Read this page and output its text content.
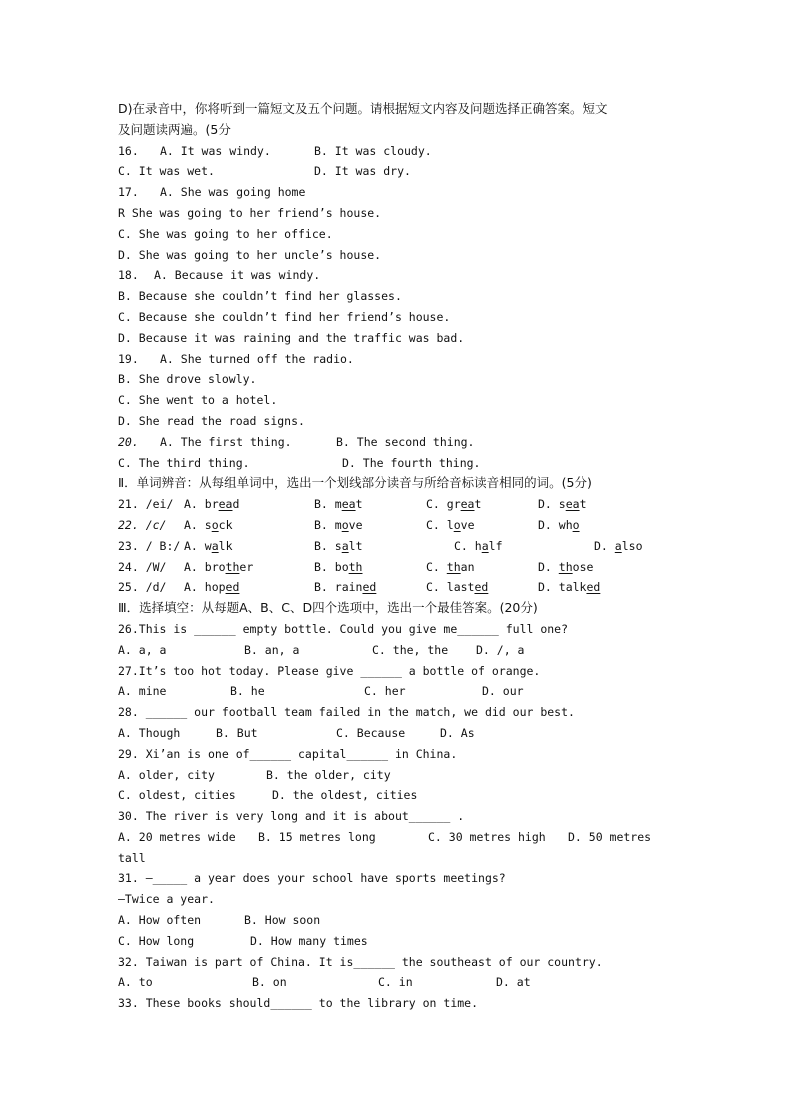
D)在录音中，你将听到一篇短文及五个问题。请根据短文内容及问题选择正确答案。短文
及问题读两遍。(5分
16. A. It was windy.	B. It was cloudy.
C. It was wet.	D. It was dry.
17. A. She was going home
R She was going to her friend’s house.
C. She was going to her office.
D. She was going to her uncle’s house.
18. A. Because it was windy.
B. Because she couldn’t find her glasses.
C. Because she couldn’t find her friend’s house.
D. Because it was raining and the traffic was bad.
19. A. She turned off the radio.
B. She drove slowly.
C. She went to a hotel.
D. She read the road signs.
20. A. The first thing.	B. The second thing.
C. The third thing.	D. The fourth thing.
Ⅱ．单词辨音：从每组单词中，选出一个划线部分读音与所给音标读音相同的词。(5分)
21. /ei/ A. bread	B. meat	C. great	D. seat
22. /c/ A. sock	B. move	C. love	D. who
23. / B:/ A. walk	B. salt	C. half	D. also
24. /W/ A. brother	B. both	C. than	D. those
25. /d/ A. hoped	B. rained	C. lasted	D. talked
Ⅲ．选择填空：从每题A、B、C、D四个选项中，选出一个最佳答案。(20分)
26.This is ______ empty bottle. Could you give me______ full one?
A. a, a	B. an, a	C. the, the D. /, a
27.It’s too hot today. Please give ______ a bottle of orange.
A. mine	B. he	C. her	D. our
28. ______ our football team failed in the match, we did our best.
A. Though	B. But	C. Because	D. As
29. Xi’an is one of______ capital______ in China.
A. older, city	B. the older, city
C. oldest, cities	D. the oldest, cities
30. The river is very long and it is about______ .
A. 20 metres wide B. 15 metres long	C. 30 metres high D. 50 metres
tall
31. —_____ a year does your school have sports meetings?
—Twice a year.
A. How often	B. How soon
C. How long	D. How many times
32. Taiwan is part of China. It is______ the southeast of our country.
A. to	B. on	C. in	D. at
33. These books should______ to the library on time.
